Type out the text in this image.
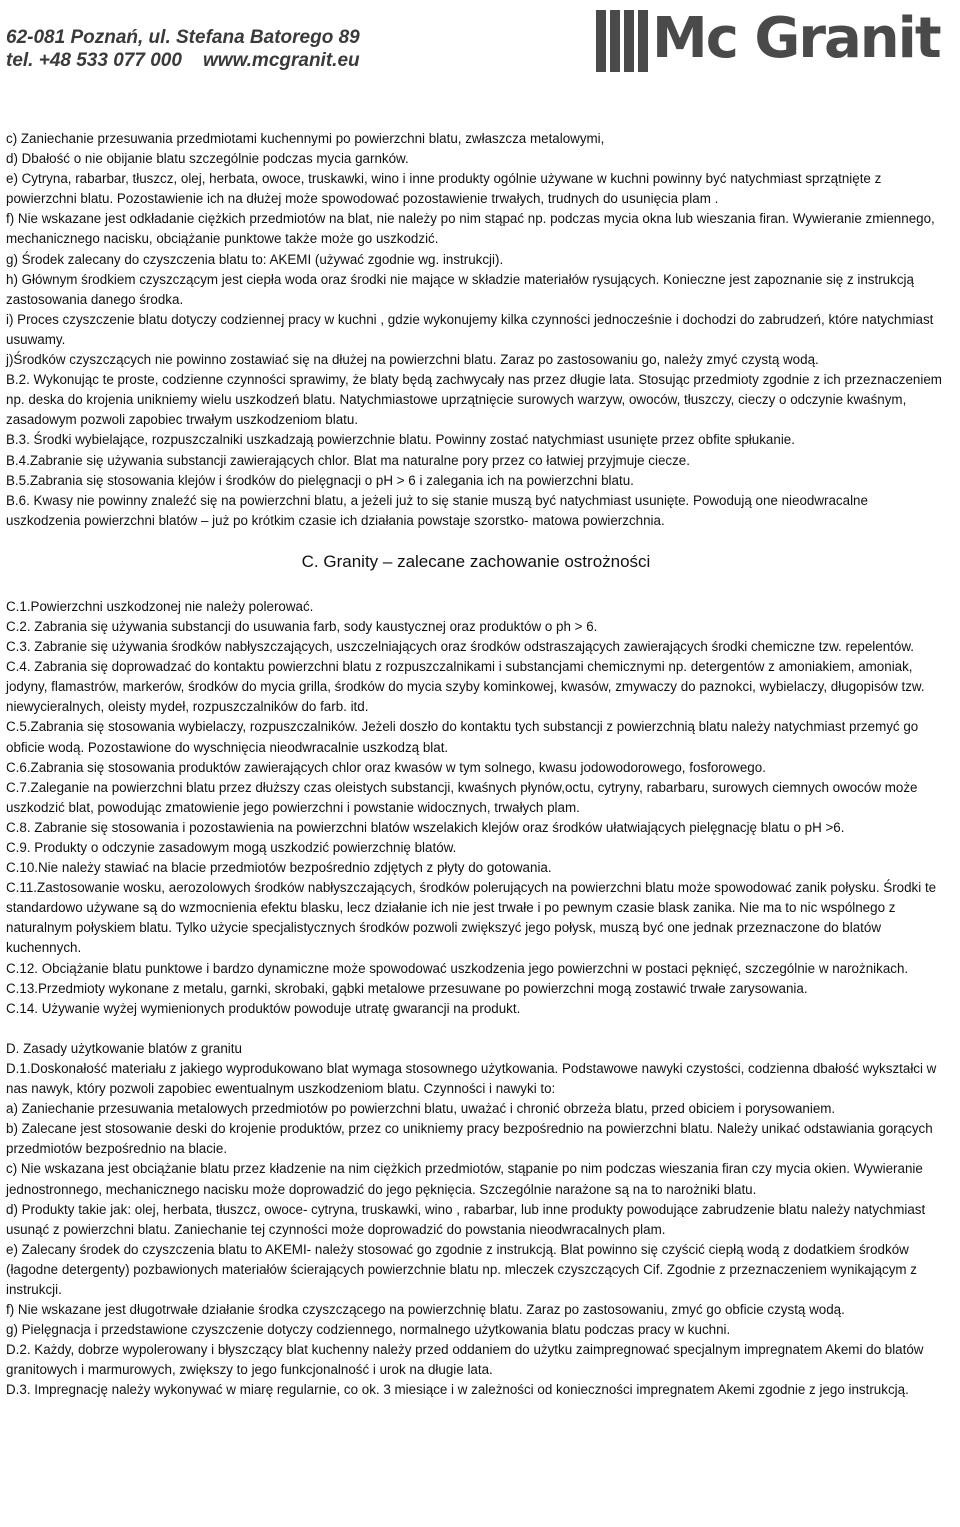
62-081 Poznań, ul. Stefana Batorego 89
tel. +48 533 077 000    www.mcgranit.eu	Mc Granit

c) Zaniechanie przesuwania przedmiotami kuchennymi po powierzchni blatu, zwłaszcza metalowymi,

d) Dbałość o nie obijanie blatu szczególnie podczas mycia garnków.

e) Cytryna, rabarbar, tłuszcz, olej, herbata, owoce, truskawki, wino i inne produkty ogólnie używane w kuchni powinny być natychmiast sprzątnięte z powierzchni blatu. Pozostawienie ich na dłużej może spowodować pozostawienie trwałych, trudnych do usunięcia plam .

f) Nie wskazane jest odkładanie ciężkich przedmiotów na blat, nie należy po nim stąpać np. podczas mycia okna lub wieszania firan. Wywieranie zmiennego, mechanicznego nacisku, obciążanie punktowe także może go uszkodzić.

g) Środek zalecany do czyszczenia blatu to: AKEMI (używać zgodnie wg. instrukcji).

h) Głównym środkiem czyszczącym jest ciepła woda oraz środki nie mające w składzie materiałów rysujących. Konieczne jest zapoznanie się z instrukcją zastosowania danego środka.

i) Proces czyszczenie blatu dotyczy codziennej pracy w kuchni , gdzie wykonujemy kilka czynności jednocześnie i dochodzi do zabrudzeń, które natychmiast usuwamy.

j)Środków czyszczących nie powinno zostawiać się na dłużej na powierzchni blatu. Zaraz po zastosowaniu go, należy zmyć czystą wodą.

B.2. Wykonując te proste, codzienne czynności sprawimy, że blaty będą zachwycały nas przez długie lata. Stosując przedmioty zgodnie z ich przeznaczeniem np. deska do krojenia unikniemy wielu uszkodzeń blatu. Natychmiastowe uprzątnięcie surowych warzyw, owoców, tłuszczy, cieczy o odczynie kwaśnym, zasadowym pozwoli zapobiec trwałym uszkodzeniom blatu.

B.3. Środki wybielające, rozpuszczalniki uszkadzają powierzchnie blatu. Powinny zostać natychmiast usunięte przez obfite spłukanie.

B.4.Zabranie się używania substancji zawierających chlor. Blat ma naturalne pory przez co łatwiej przyjmuje ciecze.

B.5.Zabrania się stosowania klejów i środków do pielęgnacji o pH > 6 i zalegania ich na powierzchni blatu.

B.6. Kwasy nie powinny znaleźć się na powierzchni blatu, a jeżeli już to się stanie muszą być natychmiast usunięte. Powodują one nieodwracalne uszkodzenia powierzchni blatów – już po krótkim czasie ich działania powstaje szorstko- matowa powierzchnia.

C. Granity – zalecane zachowanie ostrożności

C.1.Powierzchni uszkodzonej nie należy polerować.

C.2. Zabrania się używania substancji do usuwania farb, sody kaustycznej oraz produktów o ph > 6.

C.3. Zabranie się używania środków nabłyszczających, uszczelniających oraz środków odstraszających zawierających środki chemiczne tzw. repelentów.

C.4. Zabrania się doprowadzać do kontaktu powierzchni blatu z rozpuszczalnikami i substancjami chemicznymi np. detergentów z amoniakiem, amoniak, jodyny, flamastrów, markerów, środków do mycia grilla, środków do mycia szyby kominkowej, kwasów, zmywaczy do paznokci, wybielaczy, długopisów tzw. niewycieralnych, oleisty mydeł, rozpuszczalników do farb. itd.

C.5.Zabrania się stosowania wybielaczy, rozpuszczalników. Jeżeli doszło do kontaktu tych substancji z powierzchnią blatu należy natychmiast przemyć go obficie wodą. Pozostawione do wyschnięcia nieodwracalnie uszkodzą blat.

C.6.Zabrania się stosowania produktów zawierających chlor oraz kwasów w tym solnego, kwasu jodowodorowego, fosforowego.

C.7.Zaleganie na powierzchni blatu przez dłuższy czas oleistych substancji, kwaśnych płynów,octu, cytryny, rabarbaru, surowych ciemnych owoców może uszkodzić blat, powodując zmatowienie jego powierzchni i powstanie widocznych, trwałych plam.

C.8. Zabranie się stosowania i pozostawienia na powierzchni blatów wszelakich klejów oraz środków ułatwiających pielęgnację blatu o pH >6.

C.9. Produkty o odczynie zasadowym mogą uszkodzić powierzchnię blatów.

C.10.Nie należy stawiać na blacie przedmiotów bezpośrednio zdjętych z płyty do gotowania.

C.11.Zastosowanie wosku, aerozolowych środków nabłyszczających, środków polerujących na powierzchni blatu może spowodować zanik połysku. Środki te standardowo używane są do wzmocnienia efektu blasku, lecz działanie ich nie jest trwałe i po pewnym czasie blask zanika. Nie ma to nic wspólnego z naturalnym połyskiem blatu. Tylko użycie specjalistycznych środków pozwoli zwiększyć jego połysk, muszą być one jednak przeznaczone do blatów kuchennych.

C.12. Obciążanie blatu punktowe i bardzo dynamiczne może spowodować uszkodzenia jego powierzchni w postaci pęknięć, szczególnie w narożnikach.

C.13.Przedmioty wykonane z metalu, garnki, skrobaki, gąbki metalowe przesuwane po powierzchni mogą zostawić trwałe zarysowania.

C.14. Używanie wyżej wymienionych produktów powoduje utratę gwarancji na produkt.

D. Zasady użytkowanie blatów z granitu

D.1.Doskonałość materiału z jakiego wyprodukowano blat wymaga stosownego użytkowania. Podstawowe nawyki czystości, codzienna dbałość wykształci w nas nawyk, który pozwoli zapobiec ewentualnym uszkodzeniom blatu. Czynności i nawyki to:

a) Zaniechanie przesuwania metalowych przedmiotów po powierzchni blatu, uważać i chronić obrzeża blatu, przed obiciem i porysowaniem.

b) Zalecane jest stosowanie deski do krojenie produktów, przez co unikniemy pracy bezpośrednio na powierzchni blatu. Należy unikać odstawiania gorących przedmiotów bezpośrednio na blacie.

c) Nie wskazana jest obciążanie blatu przez kładzenie na nim ciężkich przedmiotów, stąpanie po nim podczas wieszania firan czy mycia okien. Wywieranie jednostronnego, mechanicznego nacisku może doprowadzić do jego pęknięcia. Szczególnie narażone są na to narożniki blatu.

d) Produkty takie jak: olej, herbata, tłuszcz, owoce- cytryna, truskawki, wino , rabarbar, lub inne produkty powodujące zabrudzenie blatu należy natychmiast usunąć z powierzchni blatu. Zaniechanie tej czynności może doprowadzić do powstania nieodwracalnych plam.

e) Zalecany środek do czyszczenia blatu to AKEMI- należy stosować go zgodnie z instrukcją. Blat powinno się czyścić ciepłą wodą z dodatkiem środków (łagodne detergenty) pozbawionych materiałów ścierających powierzchnie blatu np. mleczek czyszczących Cif. Zgodnie z przeznaczeniem wynikającym z instrukcji.

f) Nie wskazane jest długotrwałe działanie środka czyszczącego na powierzchnię blatu. Zaraz po zastosowaniu, zmyć go obficie czystą wodą.

g) Pielęgnacja i przedstawione czyszczenie dotyczy codziennego, normalnego użytkowania blatu podczas pracy w kuchni.

D.2. Każdy, dobrze wypolerowany i błyszczący blat kuchenny należy przed oddaniem do użytku zaimpregnować specjalnym impregnatem Akemi do blatów granitowych i marmurowych, zwiększy to jego funkcjonalność i urok na długie lata.

D.3. Impregnację należy wykonywać w miarę regularnie, co ok. 3 miesiące i w zależności od konieczności impregnatem Akemi zgodnie z jego instrukcją.
